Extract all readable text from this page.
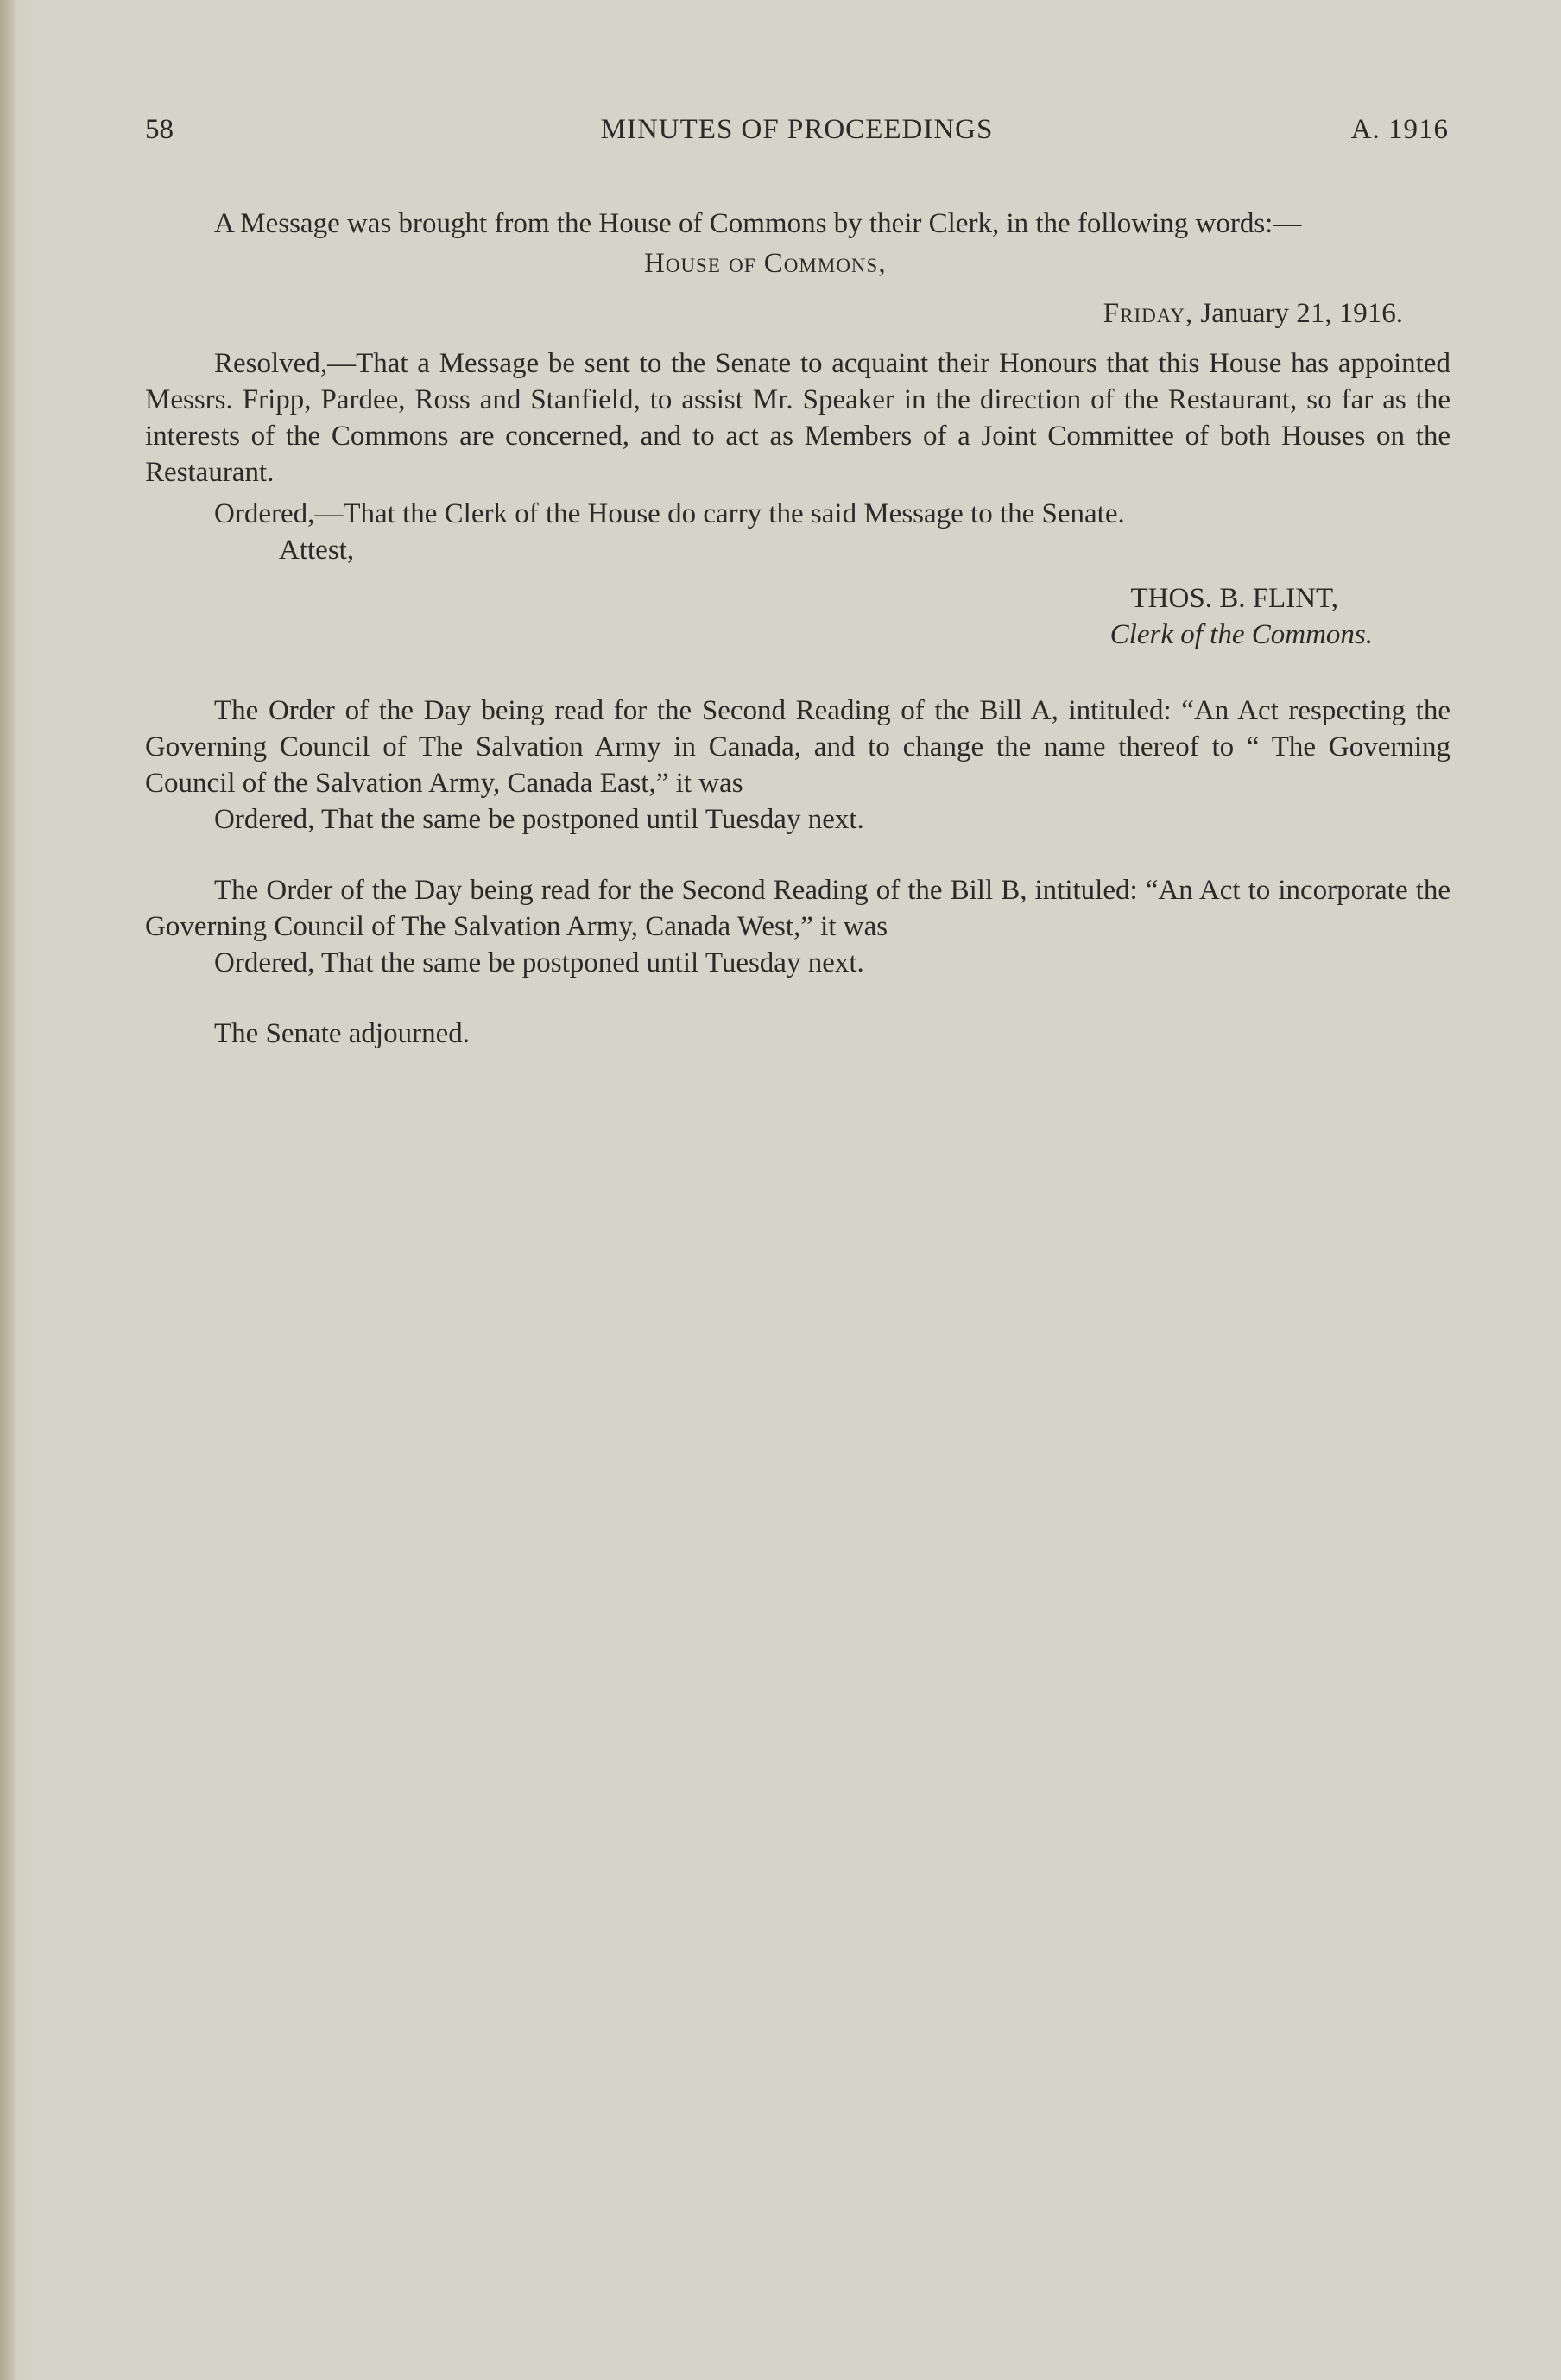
58	MINUTES OF PROCEEDINGS	A. 1916

A Message was brought from the House of Commons by their Clerk, in the following words:—

House of Commons,

Friday, January 21, 1916.

Resolved,—That a Message be sent to the Senate to acquaint their Honours that this House has appointed Messrs. Fripp, Pardee, Ross and Stanfield, to assist Mr. Speaker in the direction of the Restaurant, so far as the interests of the Commons are concerned, and to act as Members of a Joint Committee of both Houses on the Restaurant.

Ordered,—That the Clerk of the House do carry the said Message to the Senate.

Attest,

THOS. B. FLINT,

Clerk of the Commons.

The Order of the Day being read for the Second Reading of the Bill A, intituled: “An Act respecting the Governing Council of The Salvation Army in Canada, and to change the name thereof to “ The Governing Council of the Salvation Army, Canada East,” it was

Ordered, That the same be postponed until Tuesday next.

The Order of the Day being read for the Second Reading of the Bill B, intituled: “An Act to incorporate the Governing Council of The Salvation Army, Canada West,” it was

Ordered, That the same be postponed until Tuesday next.

The Senate adjourned.
